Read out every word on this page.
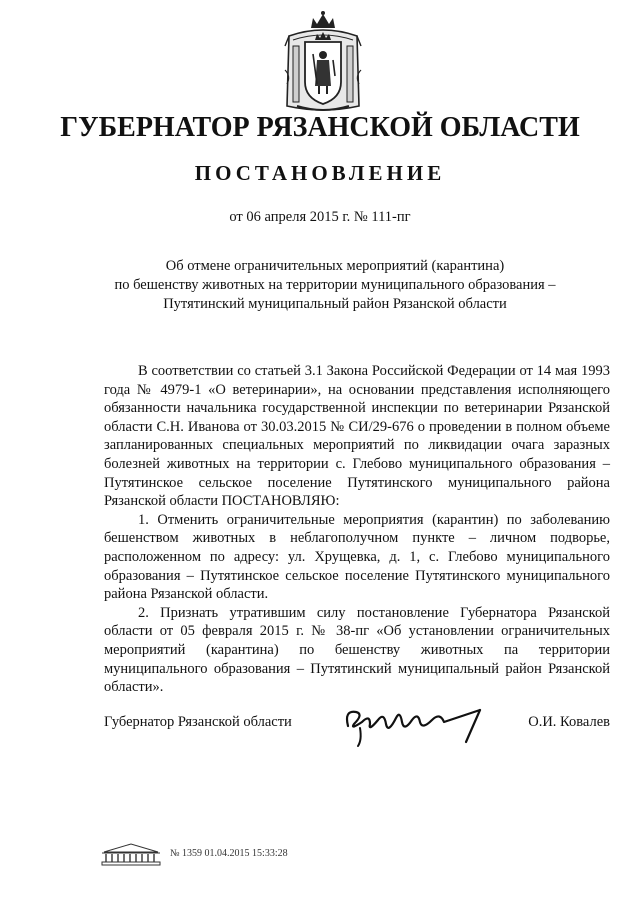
ГУБЕРНАТОР РЯЗАНСКОЙ ОБЛАСТИ
ПОСТАНОВЛЕНИЕ
от 06 апреля 2015 г. № 111-пг
Об отмене ограничительных мероприятий (карантина)
по бешенству животных на территории муниципального образования –
Путятинский муниципальный район Рязанской области

В соответствии со статьей 3.1 Закона Российской Федерации от 14 мая 1993 года № 4979-1 «О ветеринарии», на основании представления исполняющего обязанности начальника государственной инспекции по ветеринарии Рязанской области С.Н. Иванова от 30.03.2015 № СИ/29-676 о проведении в полном объеме запланированных специальных мероприятий по ликвидации очага заразных болезней животных на территории с. Глебово муниципального образования – Путятинское сельское поселение Путятинского муниципального района Рязанской области ПОСТАНОВЛЯЮ:

1. Отменить ограничительные мероприятия (карантин) по заболеванию бешенством животных в неблагополучном пункте – личном подворье, расположенном по адресу: ул. Хрущевка, д. 1, с. Глебово муниципального образования – Путятинское сельское поселение Путятинского муниципального района Рязанской области.

2. Признать утратившим силу постановление Губернатора Рязанской области от 05 февраля 2015 г. № 38-пг «Об установлении ограничительных мероприятий (карантина) по бешенству животных па территории муниципального образования – Путятинский муниципальный район Рязанской области».

Губернатор Рязанской области	О.И. Ковалев
№ 1359 01.04.2015 15:33:28
